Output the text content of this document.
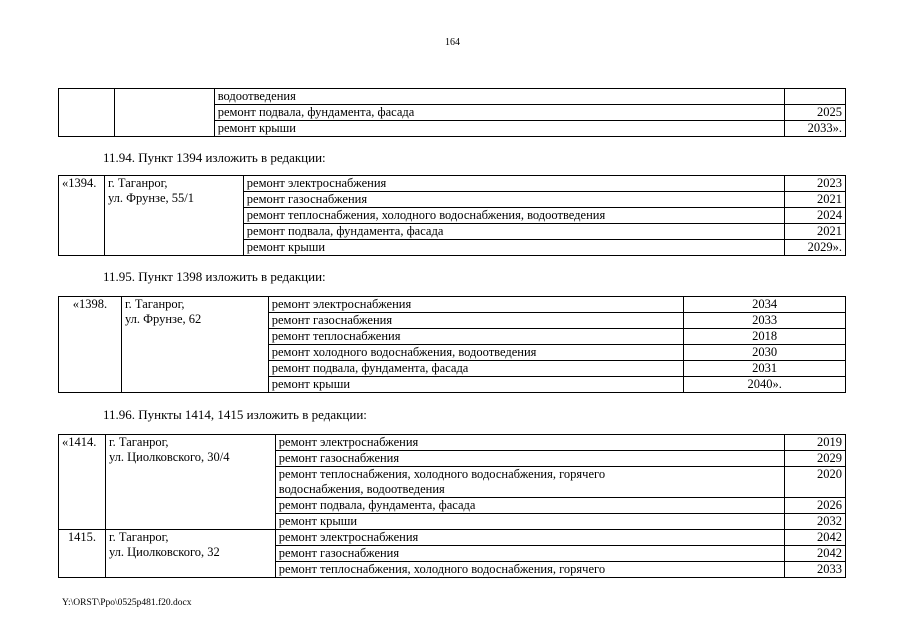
164
		водоотведения	
		ремонт подвала, фундамента, фасада	2025
		ремонт крыши	2033».
11.94. Пункт 1394 изложить в редакции:
«1394.	г. Таганрог,
ул. Фрунзе, 55/1	ремонт электроснабжения	2023
		ремонт газоснабжения	2021
		ремонт теплоснабжения, холодного водоснабжения, водоотведения	2024
		ремонт подвала, фундамента, фасада	2021
		ремонт крыши	2029».
11.95. Пункт 1398 изложить в редакции:
«1398.	г. Таганрог,
ул. Фрунзе, 62	ремонт электроснабжения	2034
		ремонт газоснабжения	2033
		ремонт теплоснабжения	2018
		ремонт холодного водоснабжения, водоотведения	2030
		ремонт подвала, фундамента, фасада	2031
		ремонт крыши	2040».
11.96. Пункты 1414, 1415 изложить в редакции:
«1414.	г. Таганрог,
ул. Циолковского, 30/4	ремонт электроснабжения	2019
		ремонт газоснабжения	2029
		ремонт теплоснабжения, холодного водоснабжения, горячего водоснабжения, водоотведения	2020
		ремонт подвала, фундамента, фасада	2026
		ремонт крыши	2032
1415.	г. Таганрог,
ул. Циолковского, 32	ремонт электроснабжения	2042
		ремонт газоснабжения	2042
		ремонт теплоснабжения, холодного водоснабжения, горячего	2033
Y:\ORST\Ppo\0525p481.f20.docx
